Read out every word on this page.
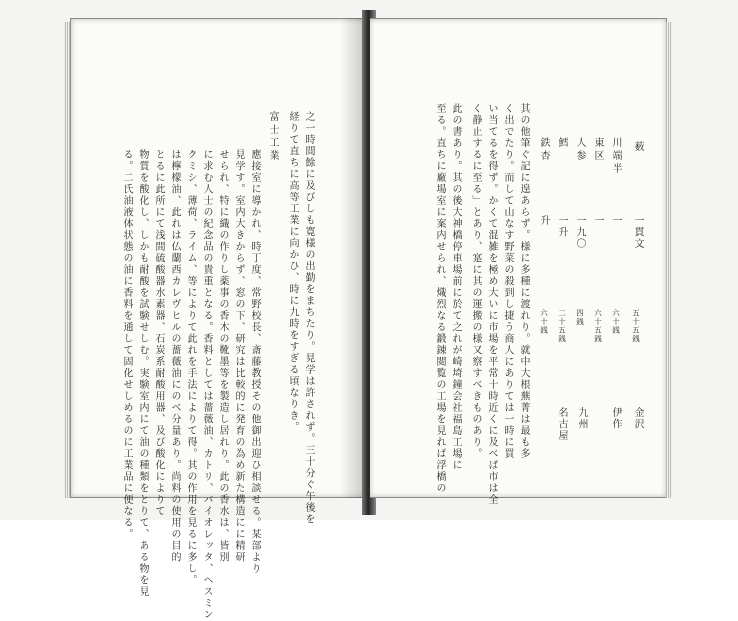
之一時間餘に及びしも寛様の出勤をまちたり。見学は許されず。三十分ぐ午後を
経りて直ちに高等工業に向かひ、時に九時をすぎる頃なりき。
富士工業
應接室に導かれ、時丁度、常野校長、斎藤教授その他御出迎ひ相談せる。某部より
見学す。室内大きからず、窓の下、研究は比較的に発育の為め新た構造にに精研
せられ、特に織の作りし薬事の香木の靴墨等を製造し居れり。此の香水は、皆別
に求む人士の紀念品の貴重となる。香料としては薔薇油、カトリ、バイオレッタ、ヘスミン
クミシ、薄荷、ライム、等によりて此れを手法によりて得。其の作用を見るに多し。
は檸檬油、此れは仏蘭西カレヴヒルの薔薇油にのべ分量あり。尚料の使用の目的
とるに此所にて浅間硫酸器水素器、石炭系耐酸用器、及び酸化によりて
物質を酸化し、しかも耐酸を試験せしむ。実験室内にて油の種類をとりて、ある物を見
る。二氏油液体状態の油に香料を通して固化せしめるのに工業品に便なる。
薮
川端半
東区
人参
鱈
鉄杏
一貫文
一
一
一九〇
一升
升
五十五銭
六十銭
六十五銭
四銭
二十五銭
六十銭
金沢
伊作
九州
名古屋
其の他筆ぐ記に遑あらず。様に多種に渡れり。就中大根蕪菁は最も多
く出でたり。而して山なす野菜の殺到し捷う商人にありては一時に買
い当てるを得ず。かくて混雑を極め大いに市場を平常十時近くに及べば市は全
く静止するに至る」とあり、寔に其の運搬の様又察すべきものあり。
此の書あり。其の後大神橋停車場前に於て之れが崎埼鐘会社福島工場に
至る。直ちに廠場室に案内せられ、熾烈なる鍛錬閲覧の工場を見れば浮橋の
